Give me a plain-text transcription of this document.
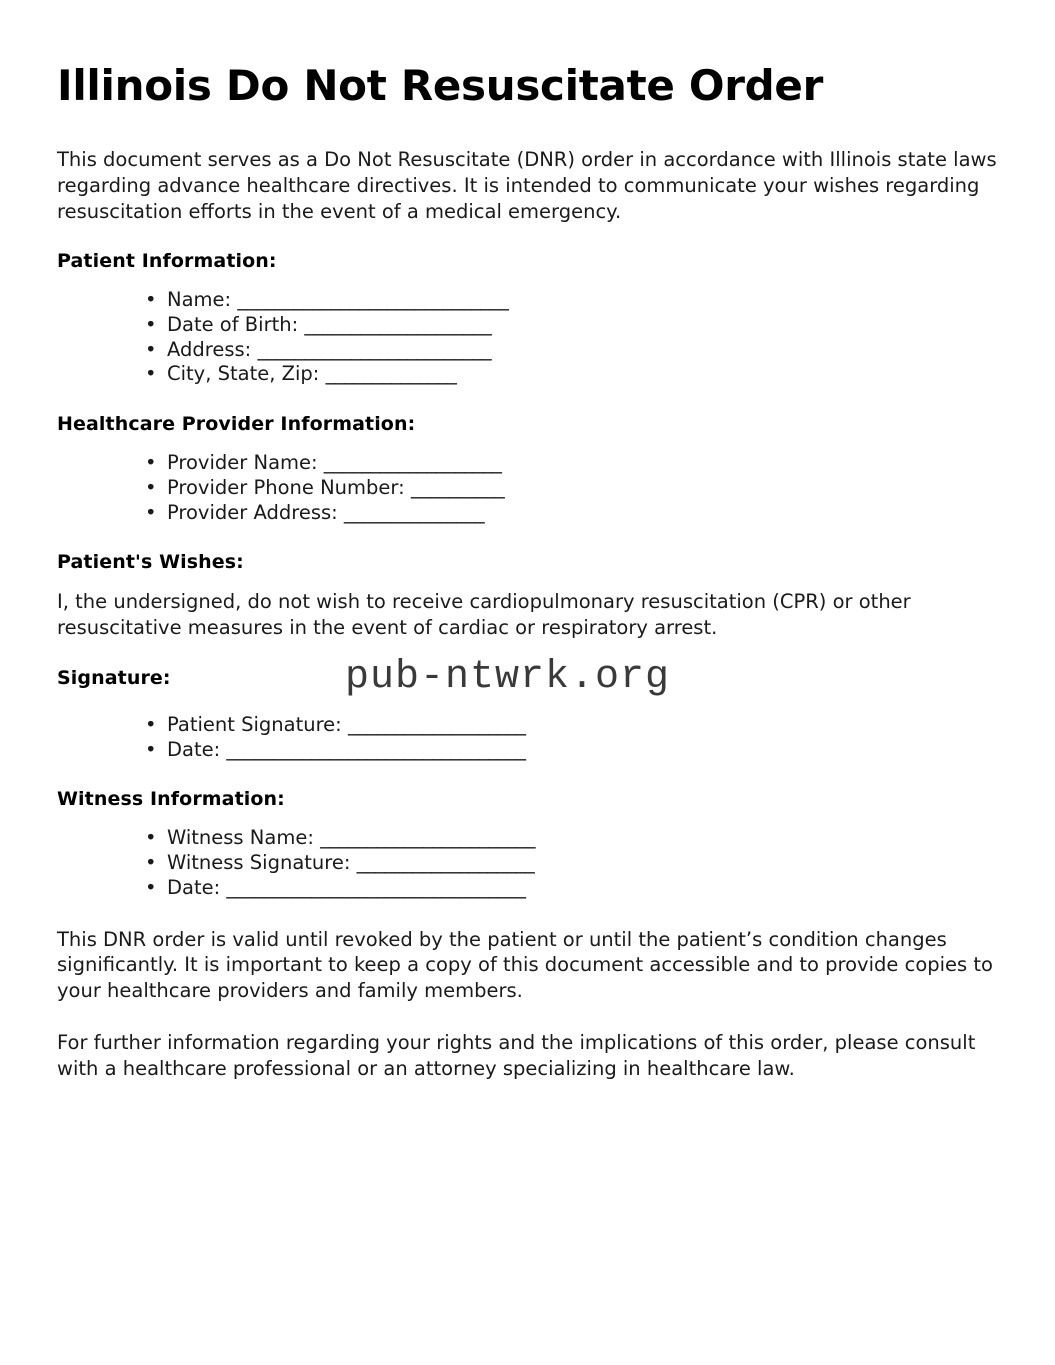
Illinois Do Not Resuscitate Order

This document serves as a Do Not Resuscitate (DNR) order in accordance with Illinois state laws regarding advance healthcare directives. It is intended to communicate your wishes regarding resuscitation efforts in the event of a medical emergency.

Patient Information:
• Name: _____________________________
• Date of Birth: ____________________
• Address: _________________________
• City, State, Zip: ______________
Healthcare Provider Information:
• Provider Name: ___________________
• Provider Phone Number: __________
• Provider Address: _______________
Patient's Wishes:

I, the undersigned, do not wish to receive cardiopulmonary resuscitation (CPR) or other resuscitative measures in the event of cardiac or respiratory arrest.

Signature:	pub-ntwrk.org
• Patient Signature: ___________________
• Date: ________________________________
Witness Information:
• Witness Name: _______________________
• Witness Signature: ___________________
• Date: ________________________________

This DNR order is valid until revoked by the patient or until the patient’s condition changes significantly. It is important to keep a copy of this document accessible and to provide copies to your healthcare providers and family members.

For further information regarding your rights and the implications of this order, please consult with a healthcare professional or an attorney specializing in healthcare law.
